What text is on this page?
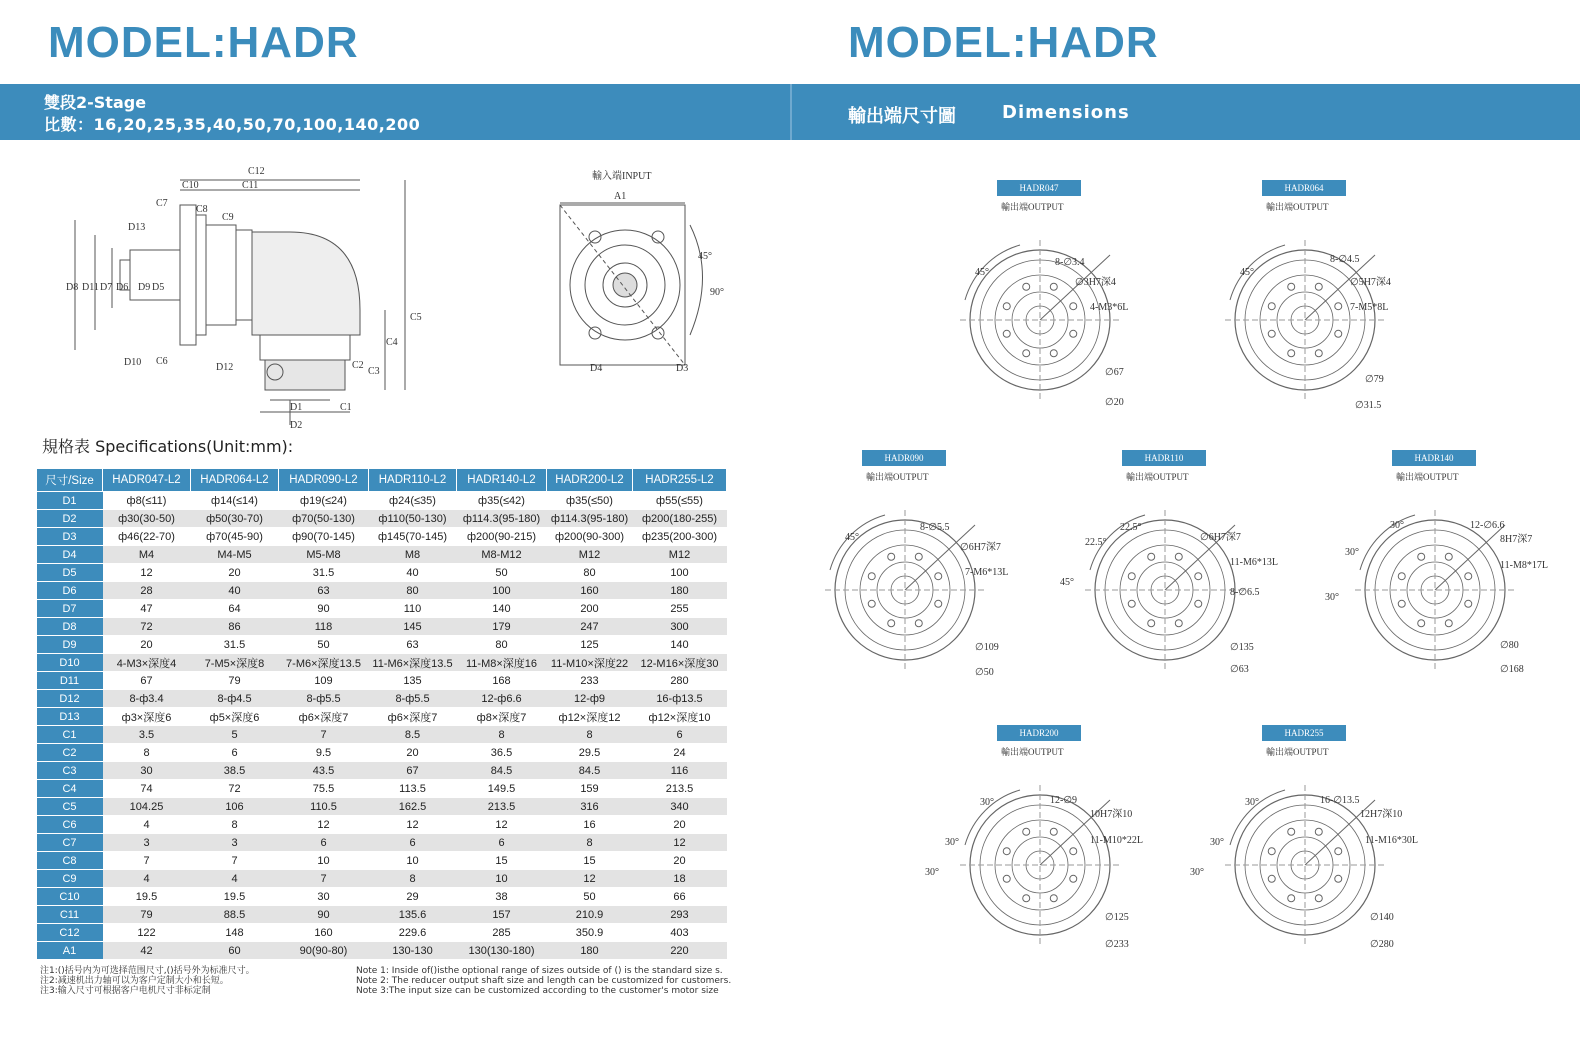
MODEL:HADR	MODEL:HADR
雙段2-Stage
比數：16,20,25,35,40,50,70,100,140,200	輸出端尺寸圖	Dimensions
C12
C10	C11
C7
C8
C9
D13
D8 D11 D7 D6 D9 D5
C5
C4
D10 C6
D12	C2
C3
C1
D1
D2
輸入端INPUT
A1
45°
90°
D4	D3
規格表 Specifications(Unit:mm):
尺寸/Size	HADR047-L2	HADR064-L2	HADR090-L2	HADR110-L2	HADR140-L2	HADR200-L2	HADR255-L2
D1	ф8(≤11)	ф14(≤14)	ф19(≤24)	ф24(≤35)	ф35(≤42)	ф35(≤50)	ф55(≤55)
D2	ф30(30-50)	ф50(30-70)	ф70(50-130)	ф110(50-130)	ф114.3(95-180)	ф114.3(95-180)	ф200(180-255)
D3	ф46(22-70)	ф70(45-90)	ф90(70-145)	ф145(70-145)	ф200(90-215)	ф200(90-300)	ф235(200-300)
D4	M4	M4-M5	M5-M8	M8	M8-M12	M12	M12
D5	12	20	31.5	40	50	80	100
D6	28	40	63	80	100	160	180
D7	47	64	90	110	140	200	255
D8	72	86	118	145	179	247	300
D9	20	31.5	50	63	80	125	140
D10	4-M3×深度4	7-M5×深度8	7-M6×深度13.5	11-M6×深度13.5	11-M8×深度16	11-M10×深度22	12-M16×深度30
D11	67	79	109	135	168	233	280
D12	8-ф3.4	8-ф4.5	8-ф5.5	8-ф5.5	12-ф6.6	12-ф9	16-ф13.5
D13	ф3×深度6	ф5×深度6	ф6×深度7	ф6×深度7	ф8×深度7	ф12×深度12	ф12×深度10
C1	3.5	5	7	8.5	8	8	6
C2	8	6	9.5	20	36.5	29.5	24
C3	30	38.5	43.5	67	84.5	84.5	116
C4	74	72	75.5	113.5	149.5	159	213.5
C5	104.25	106	110.5	162.5	213.5	316	340
C6	4	8	12	12	12	16	20
C7	3	3	6	6	6	8	12
C8	7	7	10	10	15	15	20
C9	4	4	7	8	10	12	18
C10	19.5	19.5	30	29	38	50	66
C11	79	88.5	90	135.6	157	210.9	293
C12	122	148	160	229.6	285	350.9	403
A1	42	60	90(90-80)	130-130	130(130-180)	180	220
注1:()括号内为可选择范围尺寸,()括号外为标准尺寸。
注2:减速机出力轴可以为客户定制大小和长短。
注3:输入尺寸可根据客户电机尺寸非标定制
Note 1: Inside of()isthe optional range of sizes outside of () is the standard size s.
Note 2: The reducer output shaft size and length can be customized for customers.
Note 3:The input size can be customized according to the customer's motor size
HADR047
輸出端OUTPUT
45°
8-∅3.4
∅3H7深4
4-M3*6L
∅67
∅20
HADR064
輸出端OUTPUT
45°
8-∅4.5
∅5H7深4
7-M5*8L
∅79
∅31.5
HADR090
輸出端OUTPUT
45°
8-∅5.5
∅6H7深7
7-M6*13L
∅109
∅50
HADR110
輸出端OUTPUT
22.5°
22.5°
∅6H7深7
11-M6*13L
8-∅6.5
45°
∅135
∅63
HADR140
輸出端OUTPUT
30°	12-∅6.6
8H7深7
11-M8*17L
30°
30°
∅80
∅168
HADR200
輸出端OUTPUT
30°	12-∅9
10H7深10
11-M10*22L
30°
30°
∅125
∅233
HADR255
輸出端OUTPUT
30°	16-∅13.5
12H7深10
11-M16*30L
30°
30°
∅140
∅280
